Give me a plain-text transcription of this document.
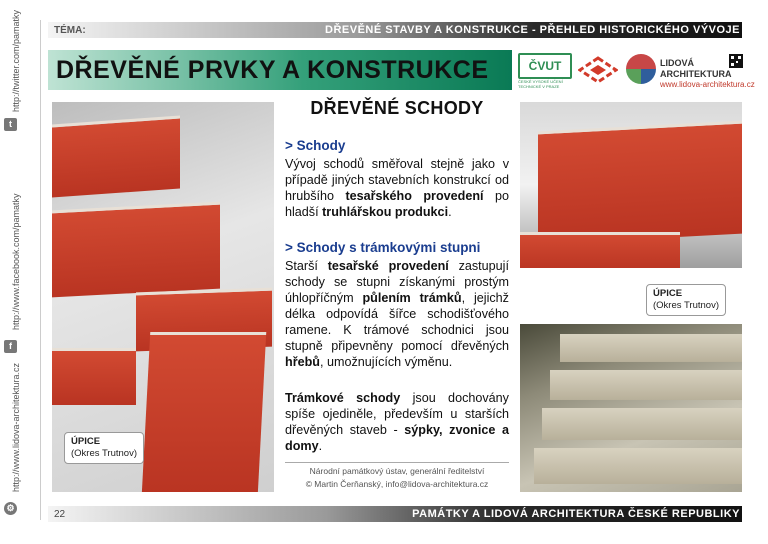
t
http://twitter.com/pamatky
f
http://www.facebook.com/pamatky
http://www.lidova-architektura.cz
⚙
TÉMA:	DŘEVĚNÉ STAVBY A KONSTRUKCE - PŘEHLED HISTORICKÉHO VÝVOJE
DŘEVĚNÉ PRVKY A KONSTRUKCE	ČVUT
ČESKÉ VYSOKÉ UČENÍ TECHNICKÉ V PRAZE
LIDOVÁ
ARCHITEKTURA
www.lidova-architektura.cz
ÚPICE
(Okres Trutnov)
ÚPICE
(Okres Trutnov)
DŘEVĚNÉ SCHODY
> Schody
Vývoj schodů směřoval stejně jako v případě jiných stavebních konstrukcí od hrubšího tesařského provedení po hladší truhlářskou produkci.
> Schody s trámkovými stupni
Starší tesařské provedení zastupují schody se stupni získanými prostým úhlopříčným půlením trámků, jejichž délka odpovídá šířce schodišťového ramene. K trámové schodnici jsou stupně připevněny pomocí dřevěných hřebů, umožnujících výměnu.
Trámkové schody jsou dochovány spíše ojediněle, především u starších dřevěných staveb - sýpky, zvonice a domy.
Národní památkový ústav, generální ředitelství
© Martin Čerňanský, info@lidova-architektura.cz
22	PAMÁTKY A LIDOVÁ ARCHITEKTURA ČESKÉ REPUBLIKY
